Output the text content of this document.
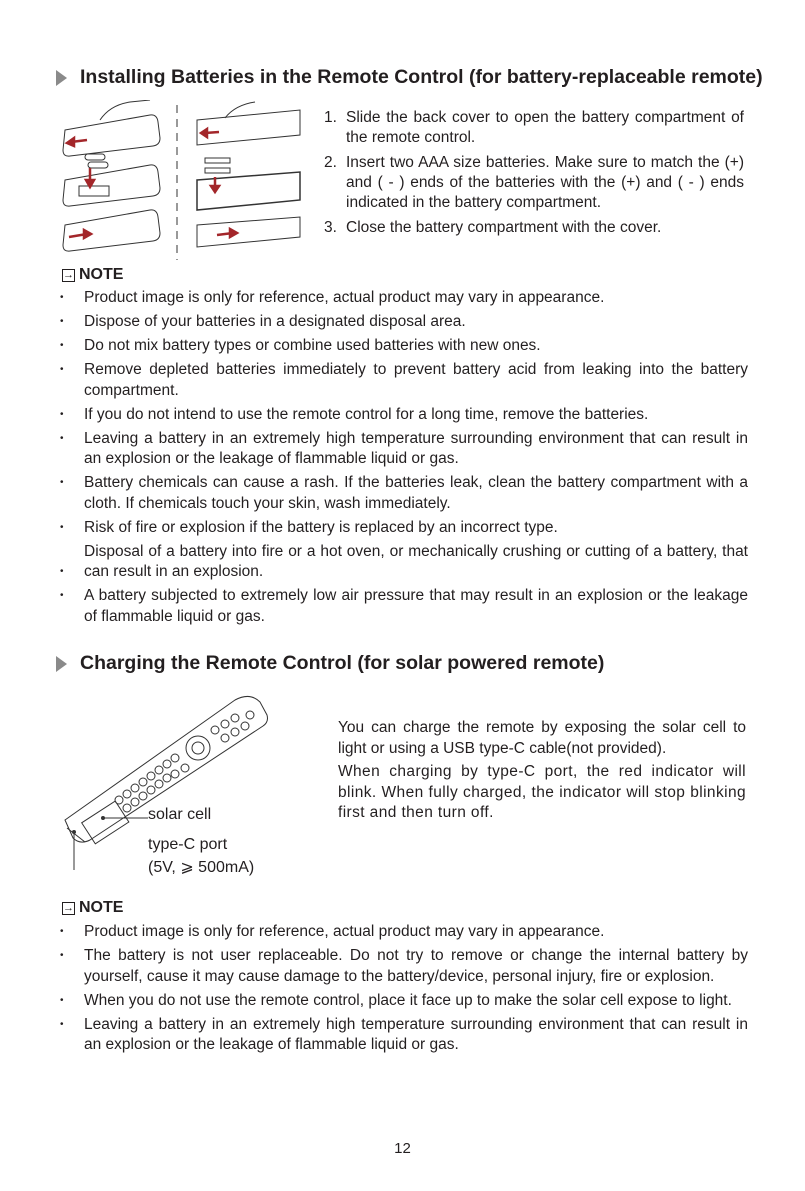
Installing Batteries in the Remote Control (for battery-replaceable remote)
1. Slide the back cover to open the battery compartment of the remote control.
2. Insert two AAA size batteries. Make sure to match the (+) and ( - ) ends of the batteries with the (+) and ( - ) ends indicated in the battery compartment.
3. Close the battery compartment with the cover.
→ NOTE
•	Product image is only for reference, actual product may vary in appearance.
•	Dispose of your batteries in a designated disposal area.
•	Do not mix battery types or combine used batteries with new ones.
•	Remove depleted batteries immediately to prevent battery acid from leaking into the battery compartment.
•	If you do not intend to use the remote control for a long time, remove the batteries.
•	Leaving a battery in an extremely high temperature surrounding environment that can result in an explosion or the leakage of flammable liquid or gas.
•	Battery chemicals can cause a rash. If the batteries leak, clean the battery compartment with a cloth. If chemicals touch your skin, wash immediately.
•	Risk of fire or explosion if the battery is replaced by an incorrect type.
•
Disposal of a battery into fire or a hot oven, or mechanically crushing or cutting of a battery, that can result in an explosion.
•	A battery subjected to extremely low air pressure that may result in an explosion or the leakage of flammable liquid or gas.
Charging the Remote Control (for solar powered remote)
solar cell
type-C port
(5V, ⩾ 500mA)
You can charge the remote by exposing the solar cell to light or using a USB type-C cable(not provided).
When charging by type-C port, the red indicator will blink. When fully charged, the indicator will stop blinking first and then turn off.
→ NOTE
•	Product image is only for reference, actual product may vary in appearance.
•	The battery is not user replaceable. Do not try to remove or change the internal battery by yourself, cause it may cause damage to the battery/device, personal injury, fire or explosion.
•	When you do not use the remote control, place it face up to make the solar cell expose to light.
•	Leaving a battery in an extremely high temperature surrounding environment that can result in an explosion or the leakage of flammable liquid or gas.
12
